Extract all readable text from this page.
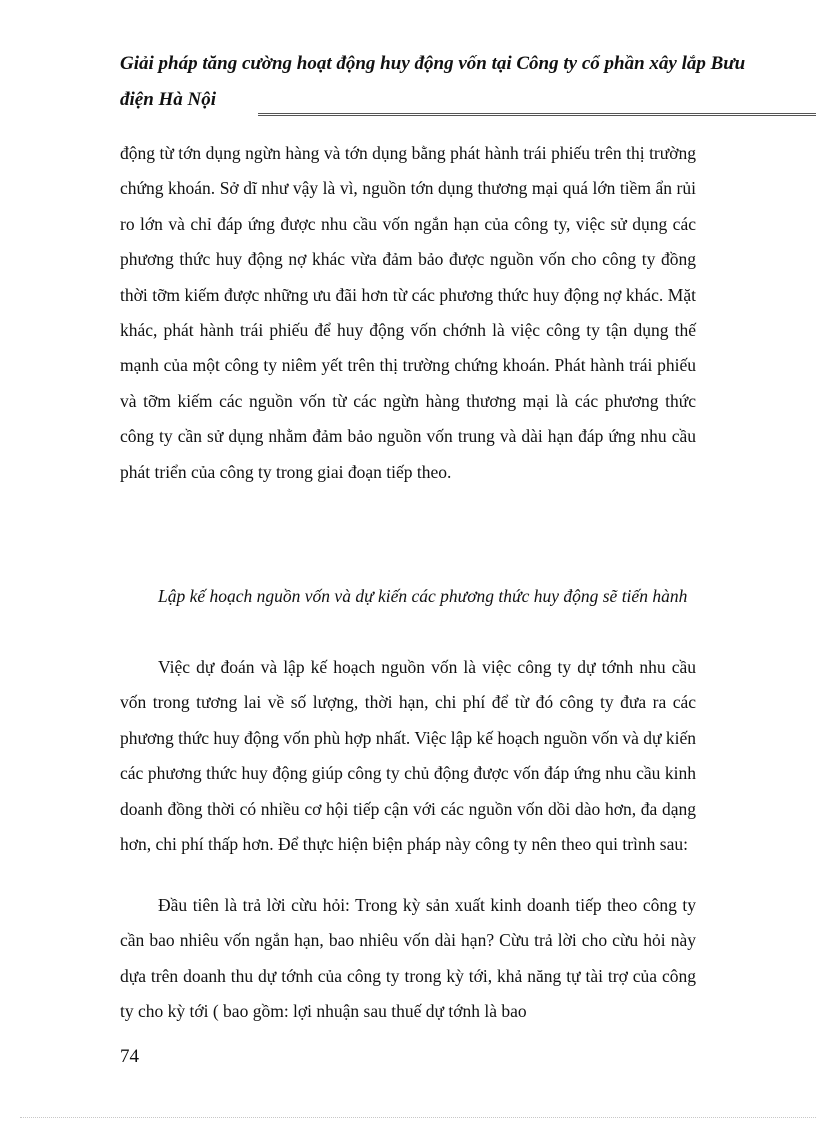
Giải pháp tăng cường hoạt động huy động vốn tại Công ty cổ phần xây lắp Bưu điện Hà Nội

động từ tớn dụng ngừn hàng và tớn dụng bằng phát hành trái phiếu trên thị trường chứng khoán. Sở dĩ như vậy là vì, nguồn tớn dụng thương mại quá lớn tiềm ẩn rủi ro lớn và chỉ đáp ứng được nhu cầu vốn ngắn hạn của công ty, việc sử dụng các phương thức huy động nợ khác vừa đảm bảo được nguồn vốn cho công ty đồng thời tỡm kiếm được những ưu đãi hơn từ các phương thức huy động nợ khác. Mặt khác, phát hành trái phiếu để huy động vốn chớnh là việc công ty tận dụng thế mạnh của một công ty niêm yết trên thị trường chứng khoán. Phát hành trái phiếu và tỡm kiếm các nguồn vốn từ các ngừn hàng thương mại là các phương thức công ty cần sử dụng nhằm đảm bảo nguồn vốn trung và dài hạn đáp ứng nhu cầu phát triển của công ty trong giai đoạn tiếp theo.

Lập kế hoạch nguồn vốn và dự kiến các phương thức huy động sẽ tiến hành

Việc dự đoán và lập kế hoạch nguồn vốn là việc công ty dự tớnh nhu cầu vốn trong tương lai về số lượng, thời hạn, chi phí để từ đó công ty đưa ra các phương thức huy động vốn phù hợp nhất. Việc lập kế hoạch nguồn vốn và dự kiến các phương thức huy động giúp công ty chủ động được vốn đáp ứng nhu cầu kinh doanh đồng thời có nhiều cơ hội tiếp cận với các nguồn vốn dồi dào hơn, đa dạng hơn, chi phí thấp hơn. Để thực hiện biện pháp này công ty nên theo qui trình sau:

Đầu tiên là trả lời cừu hỏi: Trong kỳ sản xuất kinh doanh tiếp theo công ty cần bao nhiêu vốn ngắn hạn, bao nhiêu vốn dài hạn? Cừu trả lời cho cừu hỏi này dựa trên doanh thu dự tớnh của công ty trong kỳ tới, khả năng tự tài trợ của công ty cho kỳ tới ( bao gồm: lợi nhuận sau thuế dự tớnh là bao

74
